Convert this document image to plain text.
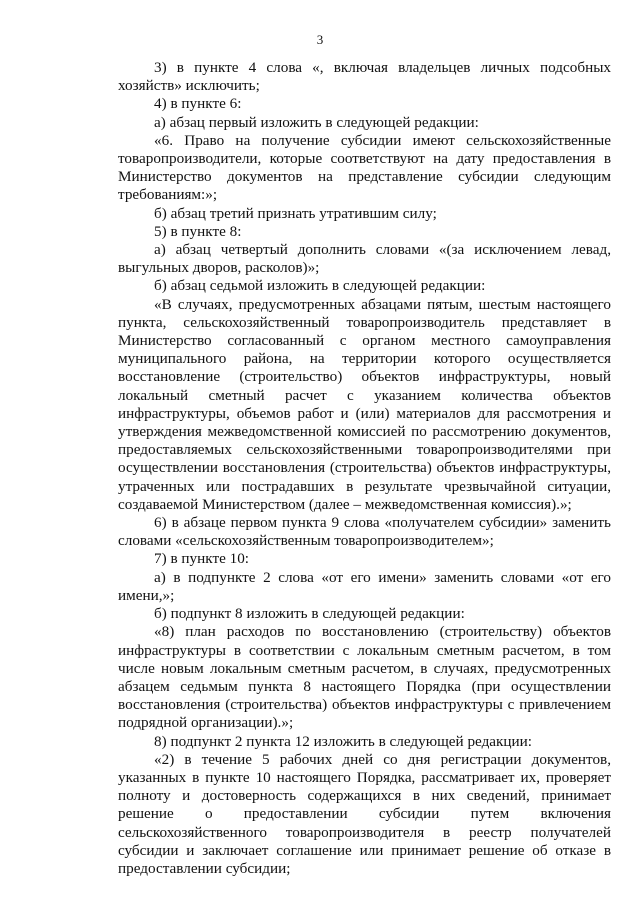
3

3) в пункте 4 слова «, включая владельцев личных подсобных хозяйств» исключить;

4) в пункте 6:

а) абзац первый изложить в следующей редакции:

«6. Право на получение субсидии имеют сельскохозяйственные товаропроизводители, которые соответствуют на дату предоставления в Министерство документов на представление субсидии следующим требованиям:»;

б) абзац третий признать утратившим силу;

5) в пункте 8:

а) абзац четвертый дополнить словами «(за исключением левад, выгульных дворов, расколов)»;

б) абзац седьмой изложить в следующей редакции:

«В случаях, предусмотренных абзацами пятым, шестым настоящего пункта, сельскохозяйственный товаропроизводитель представляет в Министерство согласованный с органом местного самоуправления муниципального района, на территории которого осуществляется восстановление (строительство) объектов инфраструктуры, новый локальный сметный расчет с указанием количества объектов инфраструктуры, объемов работ и (или) материалов для рассмотрения и утверждения межведомственной комиссией по рассмотрению документов, предоставляемых сельскохозяйственными товаропроизводителями при осуществлении восстановления (строительства) объектов инфраструктуры, утраченных или пострадавших в результате чрезвычайной ситуации, создаваемой Министерством (далее – межведомственная комиссия).»;

6) в абзаце первом пункта 9 слова «получателем субсидии» заменить словами «сельскохозяйственным товаропроизводителем»;

7) в пункте 10:

а) в подпункте 2 слова «от его имени» заменить словами «от его имени,»;

б) подпункт 8 изложить в следующей редакции:

«8) план расходов по восстановлению (строительству) объектов инфраструктуры в соответствии с локальным сметным расчетом, в том числе новым локальным сметным расчетом, в случаях, предусмотренных абзацем седьмым пункта 8 настоящего Порядка (при осуществлении восстановления (строительства) объектов инфраструктуры с привлечением подрядной организации).»;

8) подпункт 2 пункта 12 изложить в следующей редакции:

«2) в течение 5 рабочих дней со дня регистрации документов, указанных в пункте 10 настоящего Порядка, рассматривает их, проверяет полноту и достоверность содержащихся в них сведений, принимает решение о предоставлении субсидии путем включения сельскохозяйственного товаропроизводителя в реестр получателей субсидии и заключает соглашение или принимает решение об отказе в предоставлении субсидии;
